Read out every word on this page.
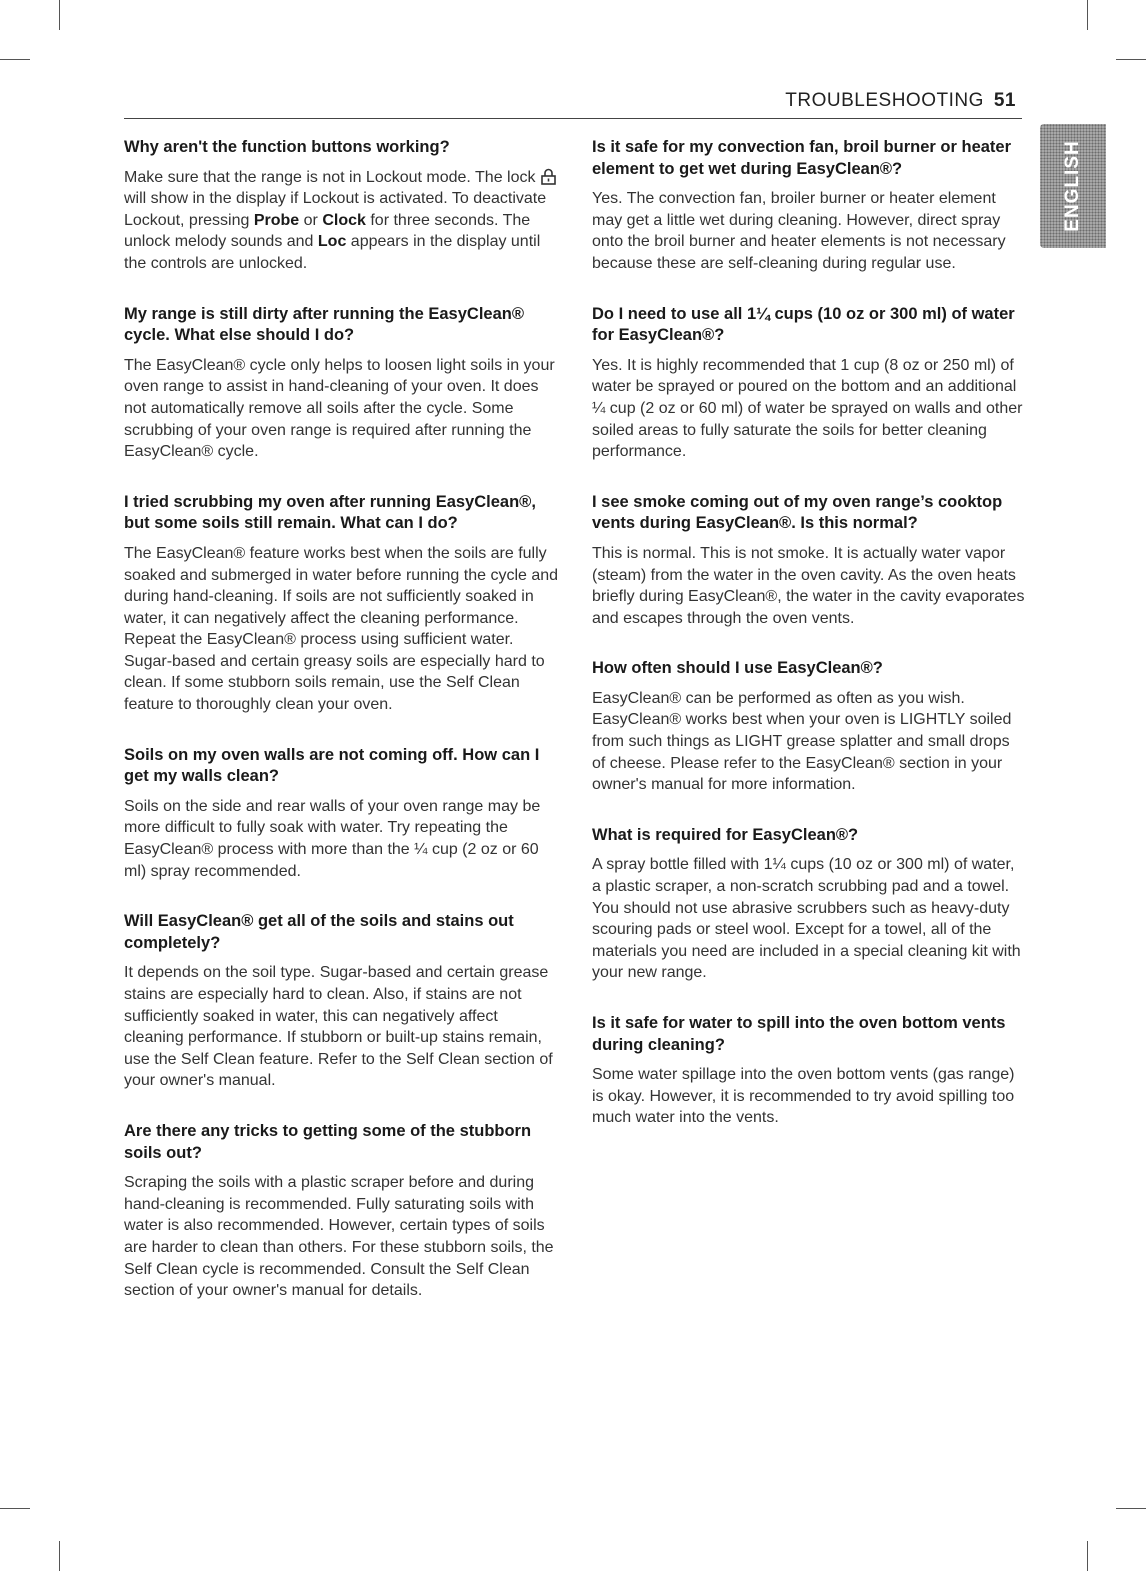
TROUBLESHOOTING 51
ENGLISH

Why aren't the function buttons working?

Make sure that the range is not in Lockout mode. The lock  will show in the display if Lockout is activated. To deactivate Lockout, pressing Probe or Clock for three seconds. The unlock melody sounds and Loc appears in the display until the controls are unlocked.

My range is still dirty after running the EasyClean® cycle. What else should I do?

The EasyClean® cycle only helps to loosen light soils in your oven range to assist in hand-cleaning of your oven. It does not automatically remove all soils after the cycle. Some scrubbing of your oven range is required after running the EasyClean® cycle.

I tried scrubbing my oven after running EasyClean®, but some soils still remain. What can I do?

The EasyClean® feature works best when the soils are fully soaked and submerged in water before running the cycle and during hand-cleaning. If soils are not sufficiently soaked in water, it can negatively affect the cleaning performance. Repeat the EasyClean® process using sufficient water. Sugar-based and certain greasy soils are especially hard to clean. If some stubborn soils remain, use the Self Clean feature to thoroughly clean your oven.

Soils on my oven walls are not coming off. How can I get my walls clean?

Soils on the side and rear walls of your oven range may be more difficult to fully soak with water. Try repeating the EasyClean® process with more than the ¼ cup (2 oz or 60 ml) spray recommended.

Will EasyClean® get all of the soils and stains out completely?

It depends on the soil type. Sugar-based and certain grease stains are especially hard to clean. Also, if stains are not sufficiently soaked in water, this can negatively affect cleaning performance. If stubborn or built-up stains remain, use the Self Clean feature. Refer to the Self Clean section of your owner's manual.

Are there any tricks to getting some of the stubborn soils out?

Scraping the soils with a plastic scraper before and during hand-cleaning is recommended. Fully saturating soils with water is also recommended. However, certain types of soils are harder to clean than others. For these stubborn soils, the Self Clean cycle is recommended. Consult the Self Clean section of your owner's manual for details.

Is it safe for my convection fan, broil burner or heater element to get wet during EasyClean®?

Yes. The convection fan, broiler burner or heater element may get a little wet during cleaning. However, direct spray onto the broil burner and heater elements is not necessary because these are self-cleaning during regular use.

Do I need to use all 1¼ cups (10 oz or 300 ml) of water for EasyClean®?

Yes. It is highly recommended that 1 cup (8 oz or 250 ml) of water be sprayed or poured on the bottom and an additional ¼ cup (2 oz or 60 ml) of water be sprayed on walls and other soiled areas to fully saturate the soils for better cleaning performance.

I see smoke coming out of my oven range’s cooktop vents during EasyClean®. Is this normal?

This is normal. This is not smoke. It is actually water vapor (steam) from the water in the oven cavity. As the oven heats briefly during EasyClean®, the water in the cavity evaporates and escapes through the oven vents.

How often should I use EasyClean®?

EasyClean® can be performed as often as you wish. EasyClean® works best when your oven is LIGHTLY soiled from such things as LIGHT grease splatter and small drops of cheese. Please refer to the EasyClean® section in your owner's manual for more information.

What is required for EasyClean®?

A spray bottle filled with 1¼ cups (10 oz or 300 ml) of water, a plastic scraper, a non-scratch scrubbing pad and a towel. You should not use abrasive scrubbers such as heavy-duty scouring pads or steel wool. Except for a towel, all of the materials you need are included in a special cleaning kit with your new range.

Is it safe for water to spill into the oven bottom vents during cleaning?

Some water spillage into the oven bottom vents (gas range) is okay. However, it is recommended to try avoid spilling too much water into the vents.
